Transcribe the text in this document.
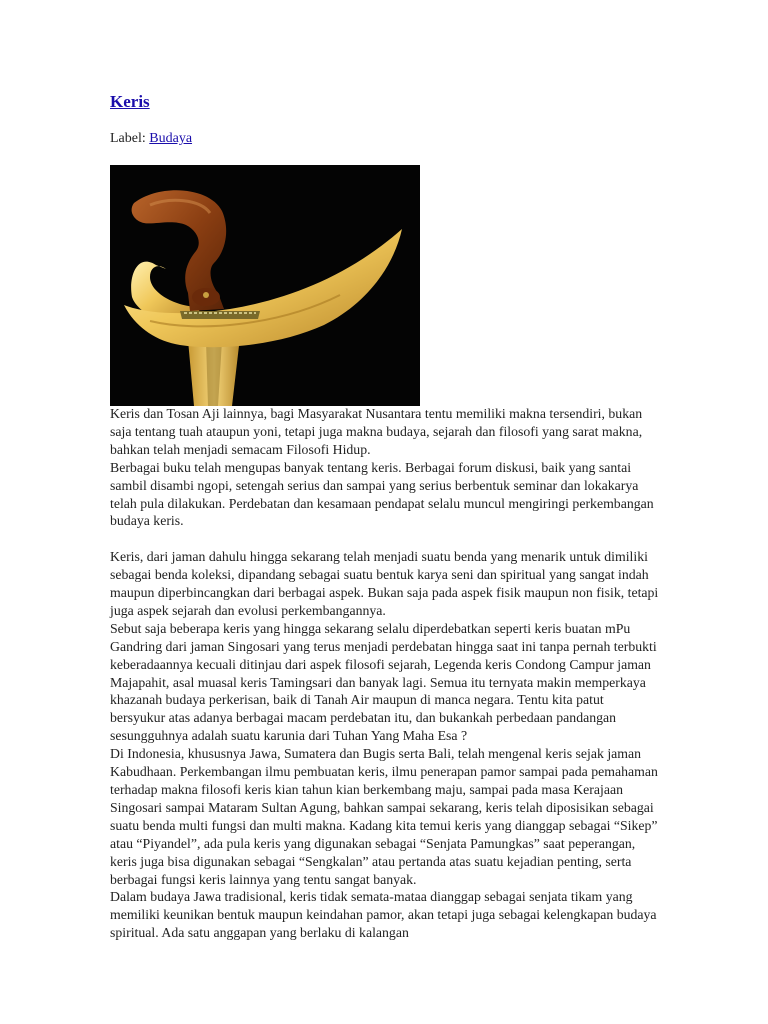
Keris
Label: Budaya

Keris dan Tosan Aji lainnya, bagi Masyarakat Nusantara tentu memiliki makna tersendiri, bukan saja tentang tuah ataupun yoni, tetapi juga makna budaya, sejarah dan filosofi yang sarat makna, bahkan telah menjadi semacam Filosofi Hidup.

Berbagai buku telah mengupas banyak tentang keris. Berbagai forum diskusi, baik yang santai sambil disambi ngopi, setengah serius dan sampai yang serius berbentuk seminar dan lokakarya telah pula dilakukan. Perdebatan dan kesamaan pendapat selalu muncul mengiringi perkembangan budaya keris.

Keris, dari jaman dahulu hingga sekarang telah menjadi suatu benda yang menarik untuk dimiliki sebagai benda koleksi, dipandang sebagai suatu bentuk karya seni dan spiritual yang sangat indah maupun diperbincangkan dari berbagai aspek. Bukan saja pada aspek fisik maupun non fisik, tetapi juga aspek sejarah dan evolusi perkembangannya.

Sebut saja beberapa keris yang hingga sekarang selalu diperdebatkan seperti keris buatan mPu Gandring dari jaman Singosari yang terus menjadi perdebatan hingga saat ini tanpa pernah terbukti keberadaannya kecuali ditinjau dari aspek filosofi sejarah, Legenda keris Condong Campur jaman Majapahit, asal muasal keris Tamingsari dan banyak lagi. Semua itu ternyata makin memperkaya khazanah budaya perkerisan, baik di Tanah Air maupun di manca negara. Tentu kita patut bersyukur atas adanya berbagai macam perdebatan itu, dan bukankah perbedaan pandangan sesungguhnya adalah suatu karunia dari Tuhan Yang Maha Esa ?

Di Indonesia, khususnya Jawa, Sumatera dan Bugis serta Bali, telah mengenal keris sejak jaman Kabudhaan. Perkembangan ilmu pembuatan keris, ilmu penerapan pamor sampai pada pemahaman terhadap makna filosofi keris kian tahun kian berkembang maju, sampai pada masa Kerajaan Singosari sampai Mataram Sultan Agung, bahkan sampai sekarang, keris telah diposisikan sebagai suatu benda multi fungsi dan multi makna. Kadang kita temui keris yang dianggap sebagai “Sikep” atau “Piyandel”, ada pula keris yang digunakan sebagai “Senjata Pamungkas” saat peperangan, keris juga bisa digunakan sebagai “Sengkalan” atau pertanda atas suatu kejadian penting, serta berbagai fungsi keris lainnya yang tentu sangat banyak.

Dalam budaya Jawa tradisional, keris tidak semata-mataa dianggap sebagai senjata tikam yang memiliki keunikan bentuk maupun keindahan pamor, akan tetapi juga sebagai kelengkapan budaya spiritual. Ada satu anggapan yang berlaku di kalangan
